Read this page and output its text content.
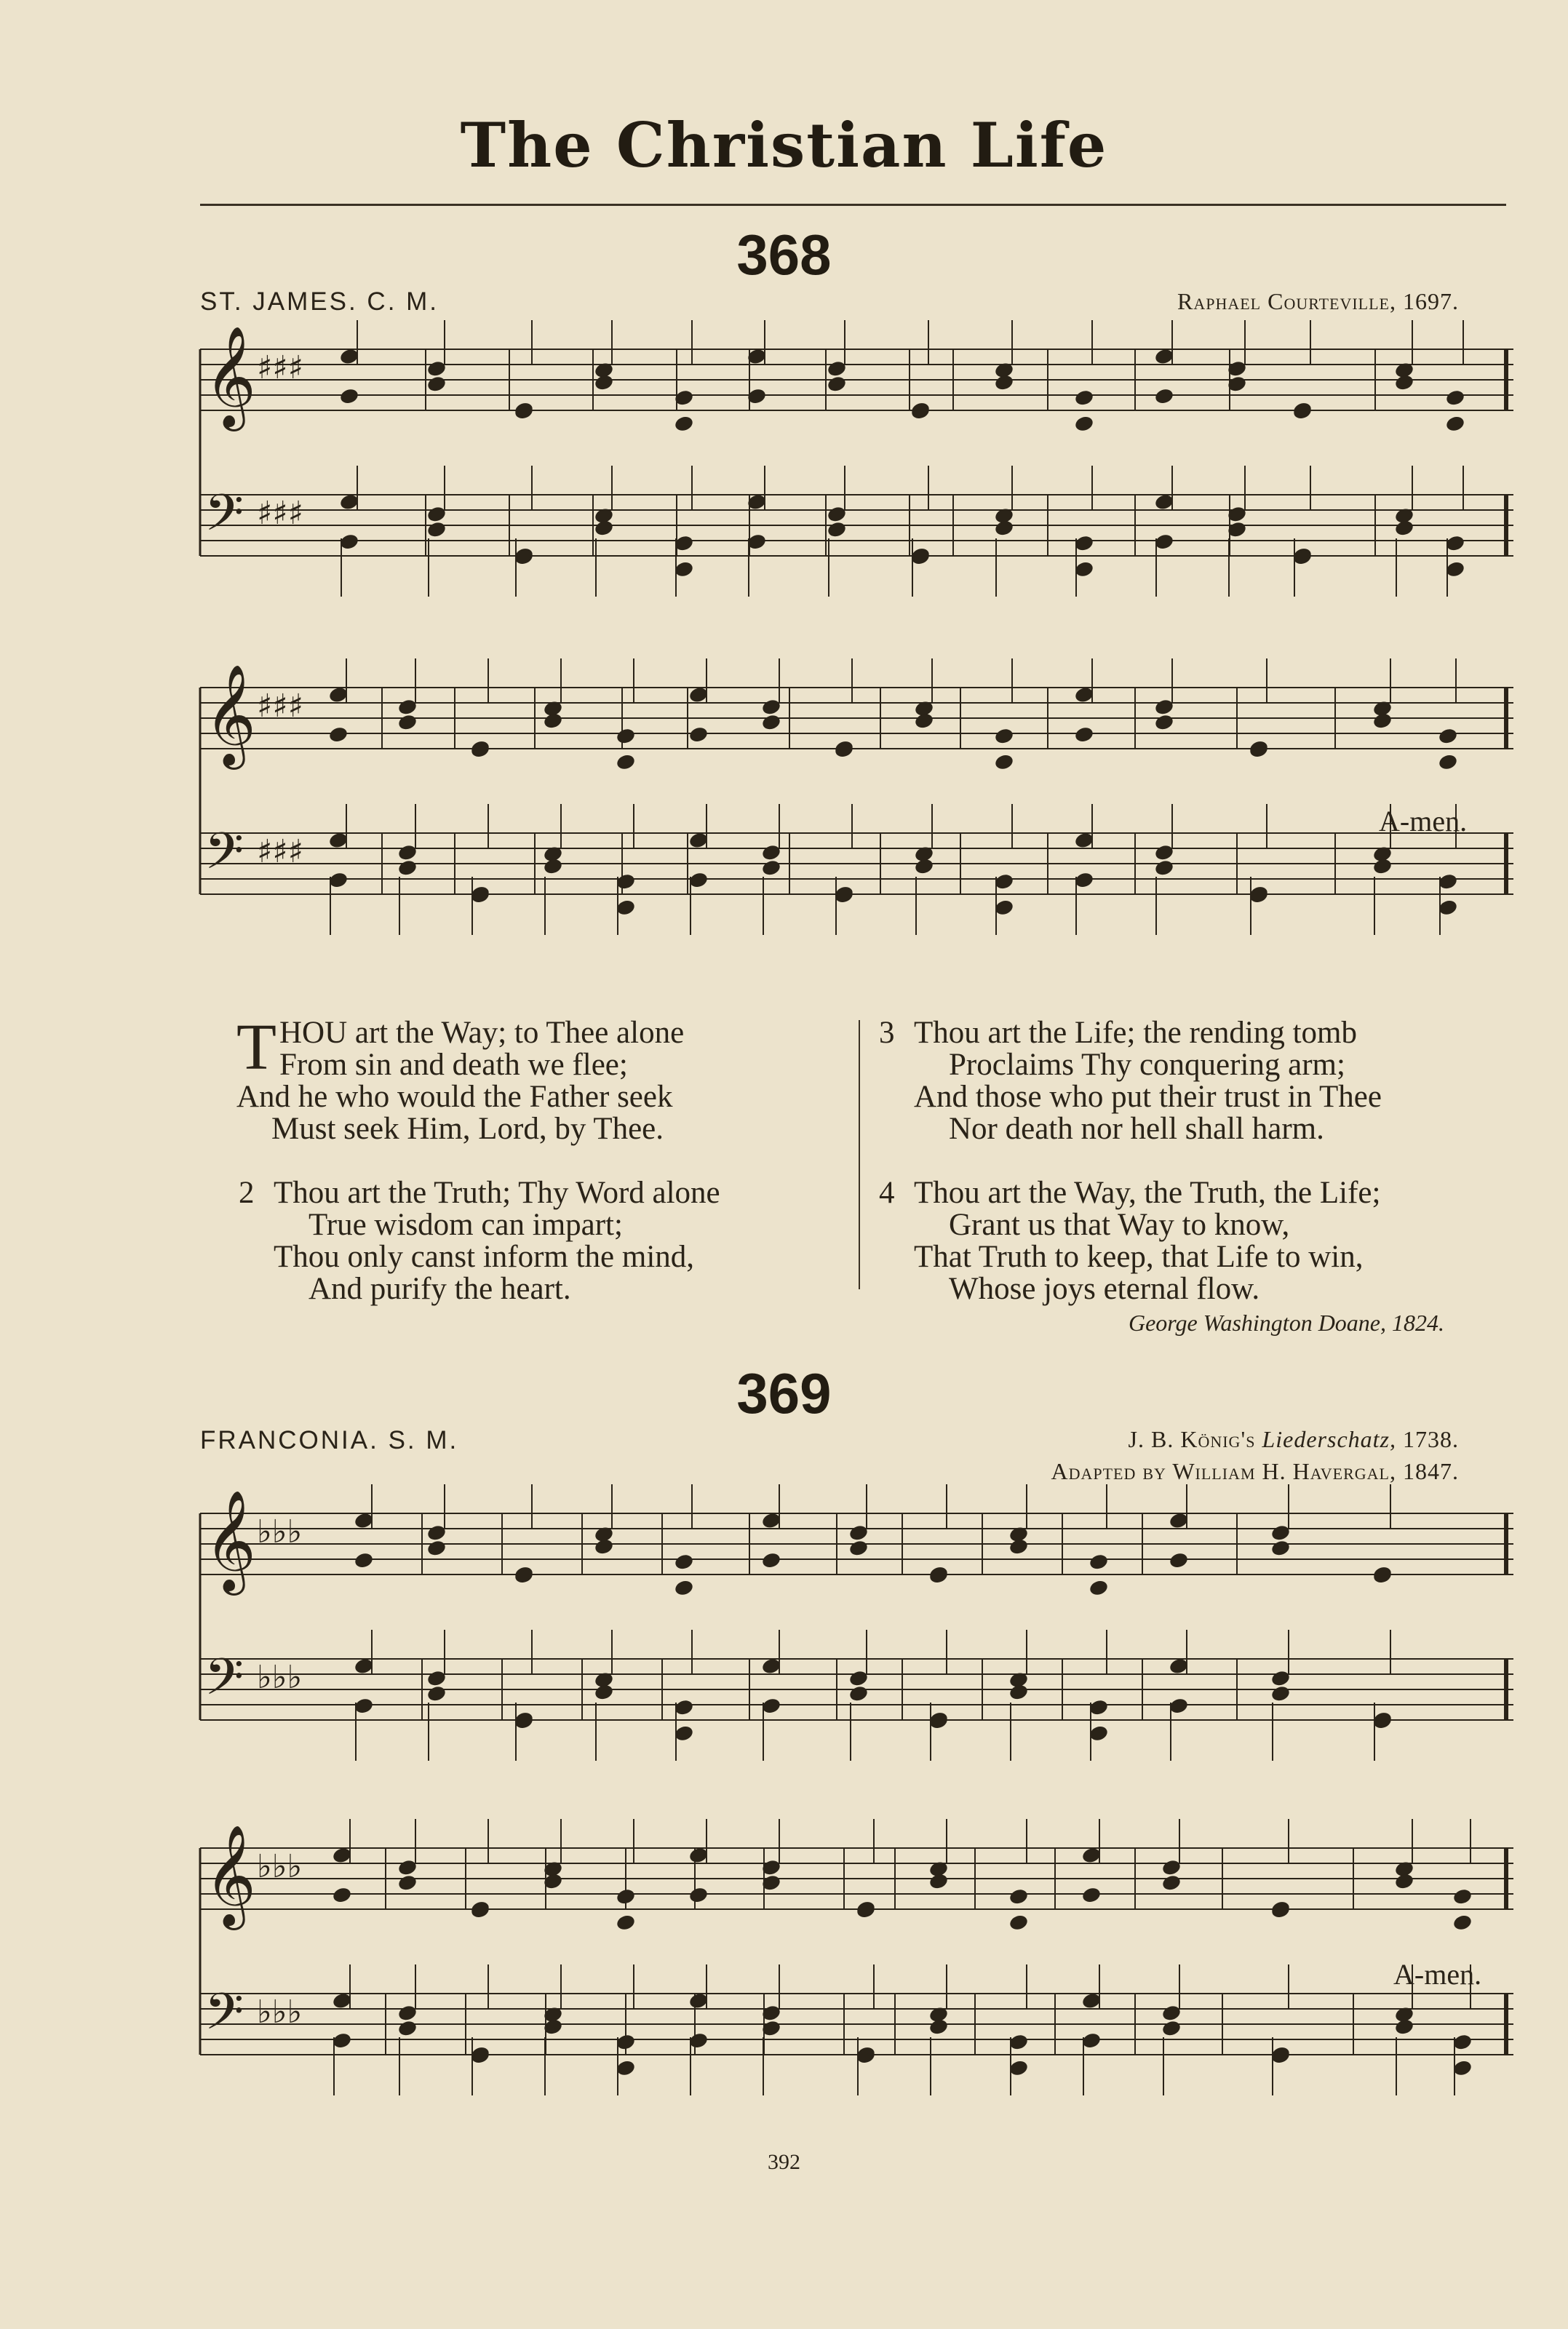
The Christian Life
368
ST. JAMES. C. M.	Raphael Courteville, 1697.
𝄞 ♯♯♯
𝄢 ♯♯♯
𝄞 ♯♯♯
𝄢 ♯♯♯
A-men.
T HOU art the Way; to Thee alone
From sin and death we flee;
And he who would the Father seek
Must seek Him, Lord, by Thee.
2 Thou art the Truth; Thy Word alone
True wisdom can impart;
Thou only canst inform the mind,
And purify the heart.
3 Thou art the Life; the rending tomb
Proclaims Thy conquering arm;
And those who put their trust in Thee
Nor death nor hell shall harm.
4 Thou art the Way, the Truth, the Life;
Grant us that Way to know,
That Truth to keep, that Life to win,
Whose joys eternal flow.
George Washington Doane, 1824.
369
FRANCONIA. S. M.	J. B. König's Liederschatz, 1738.
Adapted by William H. Havergal, 1847.
𝄞 ♭♭♭
𝄢 ♭♭♭
𝄞 ♭♭♭
𝄢 ♭♭♭
A-men.
392
